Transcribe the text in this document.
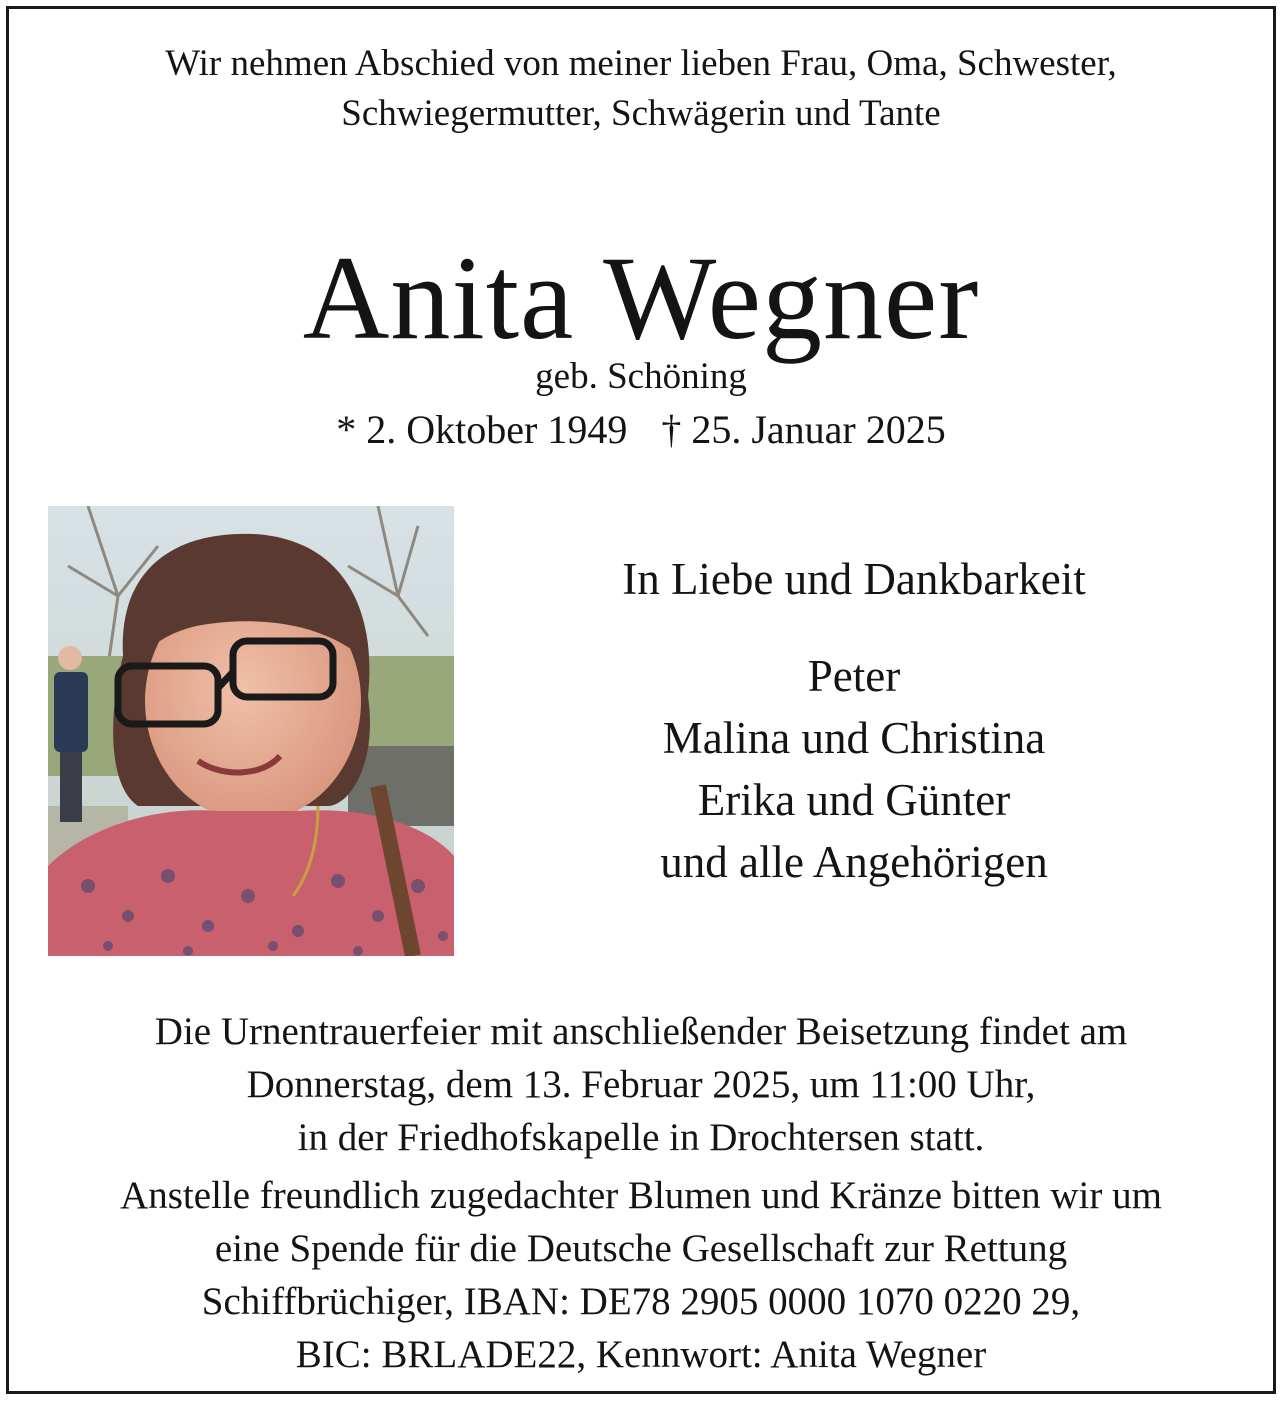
Wir nehmen Abschied von meiner lieben Frau, Oma, Schwester,
Schwiegermutter, Schwägerin und Tante
Anita Wegner
geb. Schöning
* 2. Oktober 1949 † 25. Januar 2025
In Liebe und Dankbarkeit
Peter
Malina und Christina
Erika und Günter
und alle Angehörigen
Die Urnentrauerfeier mit anschließender Beisetzung findet am
Donnerstag, dem 13. Februar 2025, um 11:00 Uhr,
in der Friedhofskapelle in Drochtersen statt.
Anstelle freundlich zugedachter Blumen und Kränze bitten wir um
eine Spende für die Deutsche Gesellschaft zur Rettung
Schiffbrüchiger, IBAN: DE78 2905 0000 1070 0220 29,
BIC: BRLADE22, Kennwort: Anita Wegner
